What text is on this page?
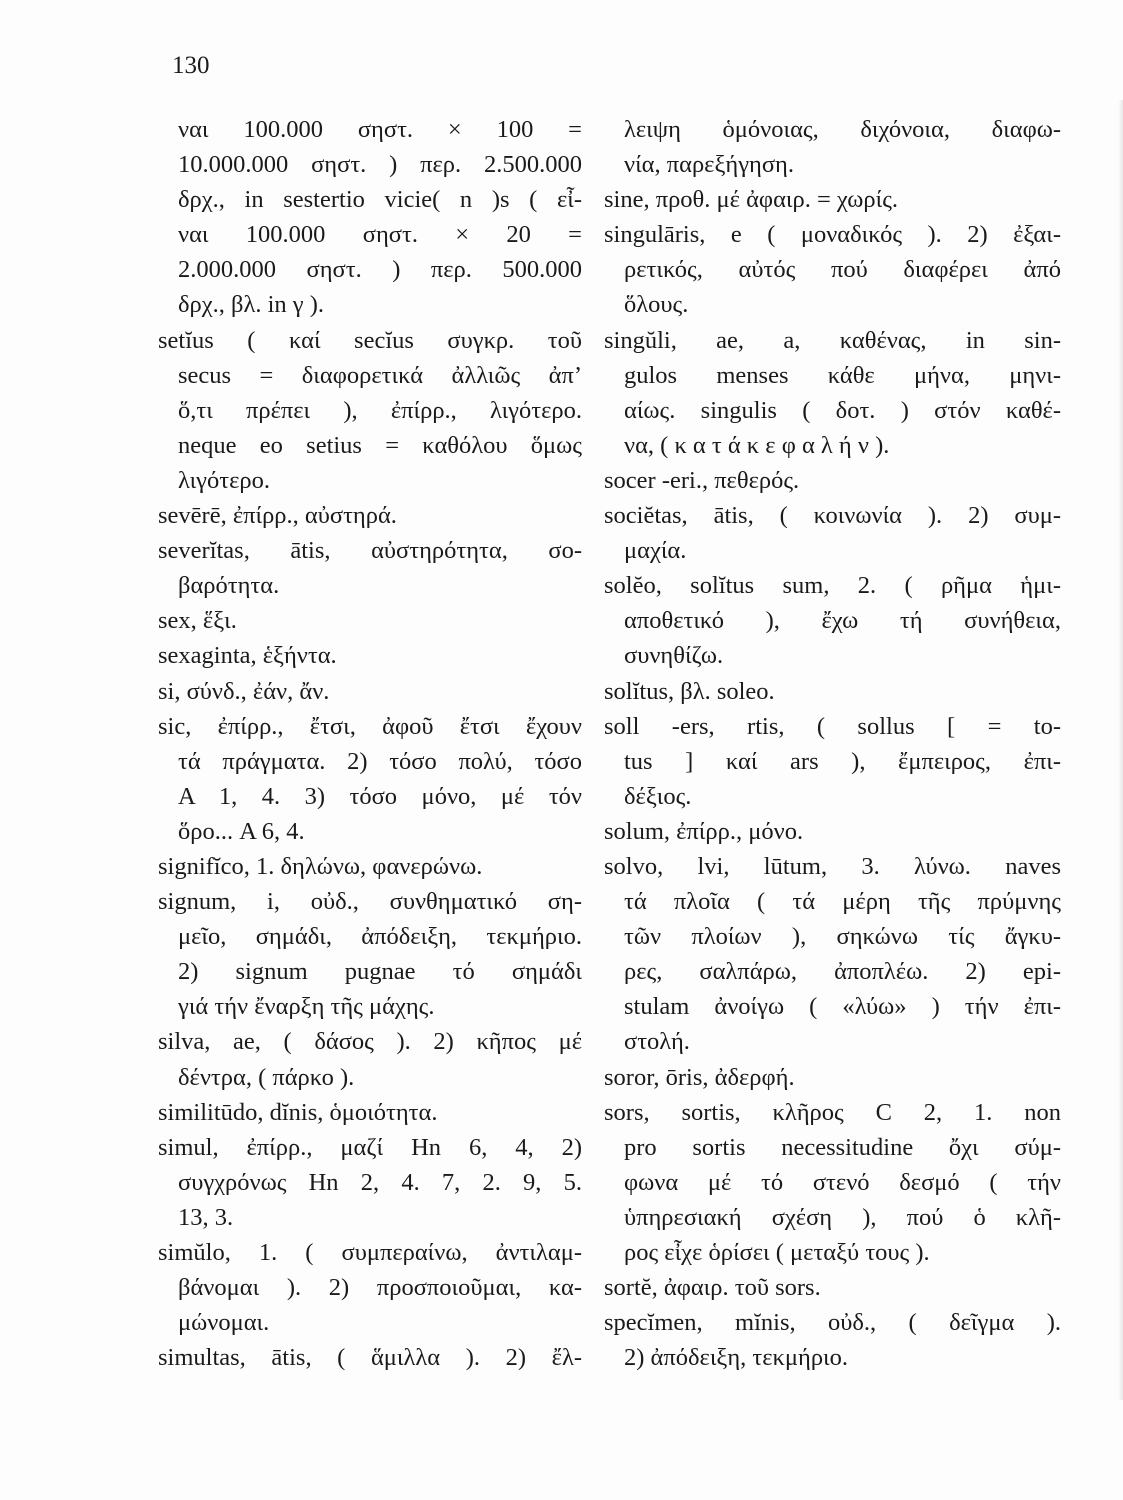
130
ναι 100.000 σηστ. × 100 =
10.000.000 σηστ. ) περ. 2.500.000
δρχ., in sestertio vicie( n )s ( εἶ-
ναι 100.000 σηστ. × 20 =
2.000.000 σηστ. ) περ. 500.000
δρχ., βλ. in γ ).
setĭus ( καί secĭus συγκρ. τοῦ
secus = διαφορετικά ἀλλιῶς ἀπ’
ὅ,τι πρέπει ), ἐπίρρ., λιγότερο.
neque eo setius = καθόλου ὅμως
λιγότερο.
sevērē, ἐπίρρ., αὐστηρά.
severĭtas, ātis, αὐστηρότητα, σο-
βαρότητα.
sex, ἕξι.
sexaginta, ἑξήντα.
si, σύνδ., ἐάν, ἄν.
sic, ἐπίρρ., ἔτσι, ἀφοῦ ἔτσι ἔχουν
τά πράγματα. 2) τόσο πολύ, τόσο
A 1, 4. 3) τόσο μόνο, μέ τόν
ὅρο... A 6, 4.
signifĭco, 1. δηλώνω, φανερώνω.
signum, i, οὐδ., συνθηματικό ση-
μεῖο, σημάδι, ἀπόδειξη, τεκμήριο.
2) signum pugnae τό σημάδι
γιά τήν ἔναρξη τῆς μάχης.
silva, ae, ( δάσος ). 2) κῆπος μέ
δέντρα, ( πάρκο ).
similitūdo, dĭnis, ὁμοιότητα.
simul, ἐπίρρ., μαζί Hn 6, 4, 2)
συγχρόνως Hn 2, 4. 7, 2. 9, 5.
13, 3.
simŭlo, 1. ( συμπεραίνω, ἀντιλαμ-
βάνομαι ). 2) προσποιοῦμαι, κα-
μώνομαι.
simultas, ātis, ( ἅμιλλα ). 2) ἔλ-
λειψη ὁμόνοιας, διχόνοια, διαφω-
νία, παρεξήγηση.
sine, προθ. μέ ἀφαιρ. = χωρίς.
singulāris, e ( μοναδικός ). 2) ἐξαι-
ρετικός, αὐτός πού διαφέρει ἀπό
ὅλους.
singŭli, ae, a, καθένας, in sin-
gulos menses κάθε μήνα, μηνι-
αίως. singulis ( δοτ. ) στόν καθέ-
να, ( κ α τ ά κ ε φ α λ ή ν ).
socer -eri., πεθερός.
sociĕtas, ātis, ( κοινωνία ). 2) συμ-
μαχία.
solĕo, solĭtus sum, 2. ( ρῆμα ἡμι-
αποθετικό ), ἔχω τή συνήθεια,
συνηθίζω.
solĭtus, βλ. soleo.
soll -ers, rtis, ( sollus [ = to-
tus ] καί ars ), ἔμπειρος, ἐπι-
δέξιος.
solum, ἐπίρρ., μόνο.
solvo, lvi, lūtum, 3. λύνω. naves
τά πλοῖα ( τά μέρη τῆς πρύμνης
τῶν πλοίων ), σηκώνω τίς ἄγκυ-
ρες, σαλπάρω, ἀποπλέω. 2) epi-
stulam ἀνοίγω ( «λύω» ) τήν ἐπι-
στολή.
soror, ōris, ἀδερφή.
sors, sortis, κλῆρος C 2, 1. non
pro sortis necessitudine ὄχι σύμ-
φωνα μέ τό στενό δεσμό ( τήν
ὑπηρεσιακή σχέση ), πού ὁ κλῆ-
ρος εἶχε ὁρίσει ( μεταξύ τους ).
sortĕ, ἀφαιρ. τοῦ sors.
specĭmen, mĭnis, οὐδ., ( δεῖγμα ).
2) ἀπόδειξη, τεκμήριο.
